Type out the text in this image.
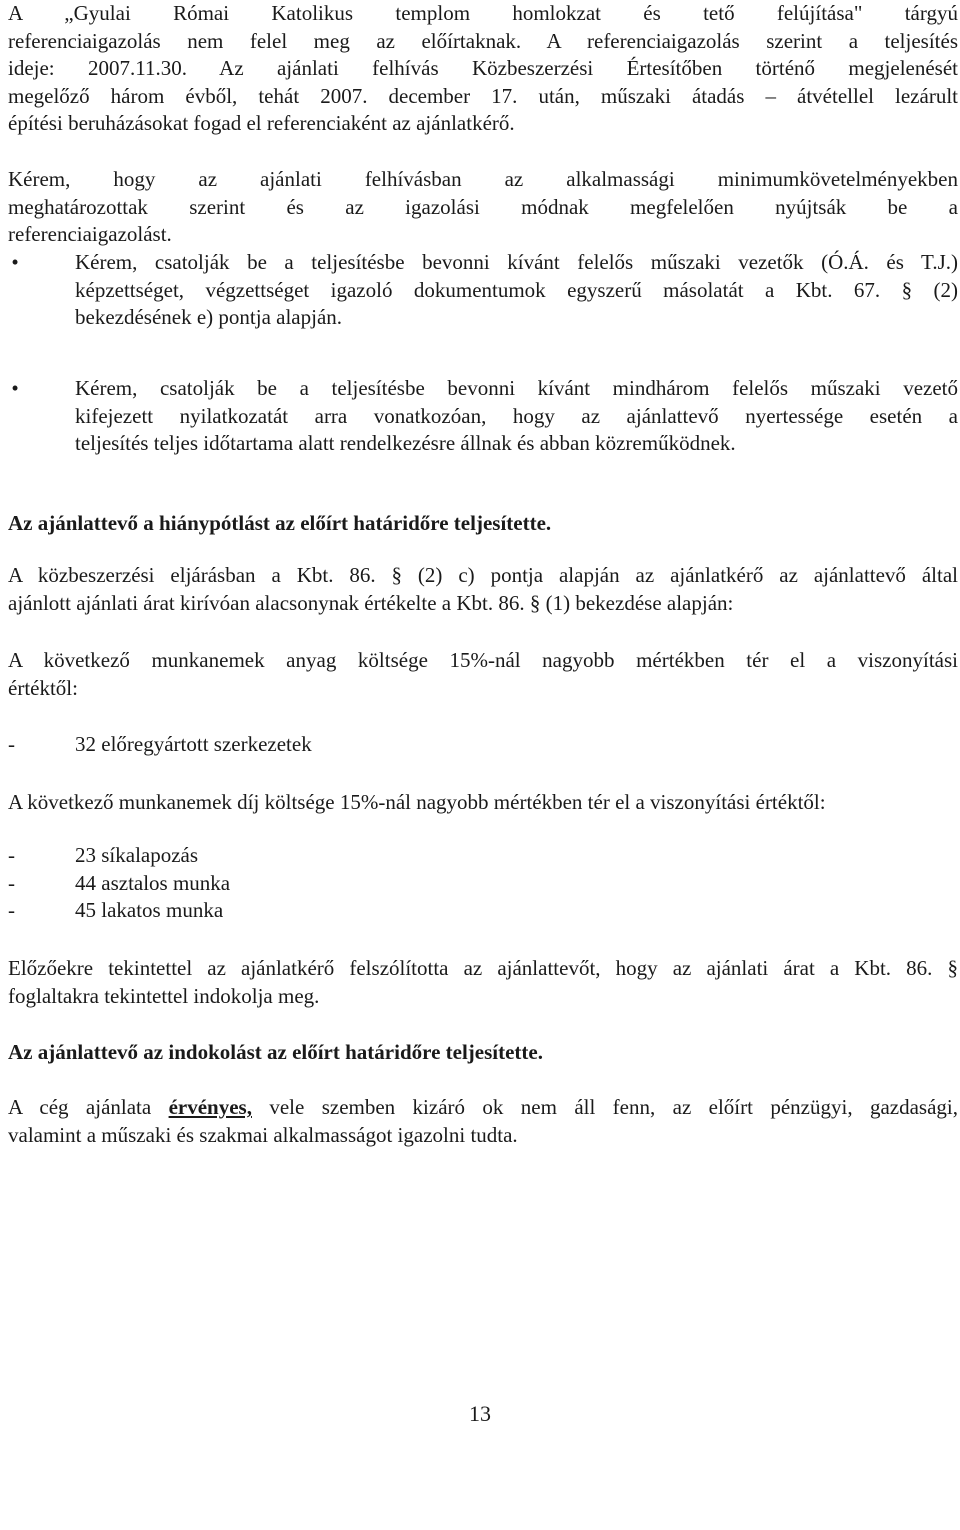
A „Gyulai Római Katolikus templom homlokzat és tető felújítása" tárgyú
referenciaigazolás nem felel meg az előírtaknak. A referenciaigazolás szerint a teljesítés
ideje: 2007.11.30. Az ajánlati felhívás Közbeszerzési Értesítőben történő megjelenését
megelőző három évből, tehát 2007. december 17. után, műszaki átadás – átvétellel lezárult
építési beruházásokat fogad el referenciaként az ajánlatkérő.

Kérem, hogy az ajánlati felhívásban az alkalmassági minimumkövetelményekben
meghatározottak szerint és az igazolási módnak megfelelően nyújtsák be a
referenciaigazolást.

•	Kérem, csatolják be a teljesítésbe bevonni kívánt felelős műszaki vezetők (Ó.Á. és T.J.)
képzettséget, végzettséget igazoló dokumentumok egyszerű másolatát a Kbt. 67. § (2)
bekezdésének e) pontja alapján.

•	Kérem, csatolják be a teljesítésbe bevonni kívánt mindhárom felelős műszaki vezető
kifejezett nyilatkozatát arra vonatkozóan, hogy az ajánlattevő nyertessége esetén a
teljesítés teljes időtartama alatt rendelkezésre állnak és abban közreműködnek.

Az ajánlattevő a hiánypótlást az előírt határidőre teljesítette.

A közbeszerzési eljárásban a Kbt. 86. § (2) c) pontja alapján az ajánlatkérő az ajánlattevő által
ajánlott ajánlati árat kirívóan alacsonynak értékelte a Kbt. 86. § (1) bekezdése alapján:

A következő munkanemek anyag költsége 15%-nál nagyobb mértékben tér el a viszonyítási
értéktől:

-	32 előregyártott szerkezetek

A következő munkanemek díj költsége 15%-nál nagyobb mértékben tér el a viszonyítási értéktől:

-	23 síkalapozás
-	44 asztalos munka
-	45 lakatos munka

Előzőekre tekintettel az ajánlatkérő felszólította az ajánlattevőt, hogy az ajánlati árat a Kbt. 86. §
foglaltakra tekintettel indokolja meg.

Az ajánlattevő az indokolást az előírt határidőre teljesítette.

A cég ajánlata érvényes, vele szemben kizáró ok nem áll fenn, az előírt pénzügyi, gazdasági,
valamint a műszaki és szakmai alkalmasságot igazolni tudta.

13
